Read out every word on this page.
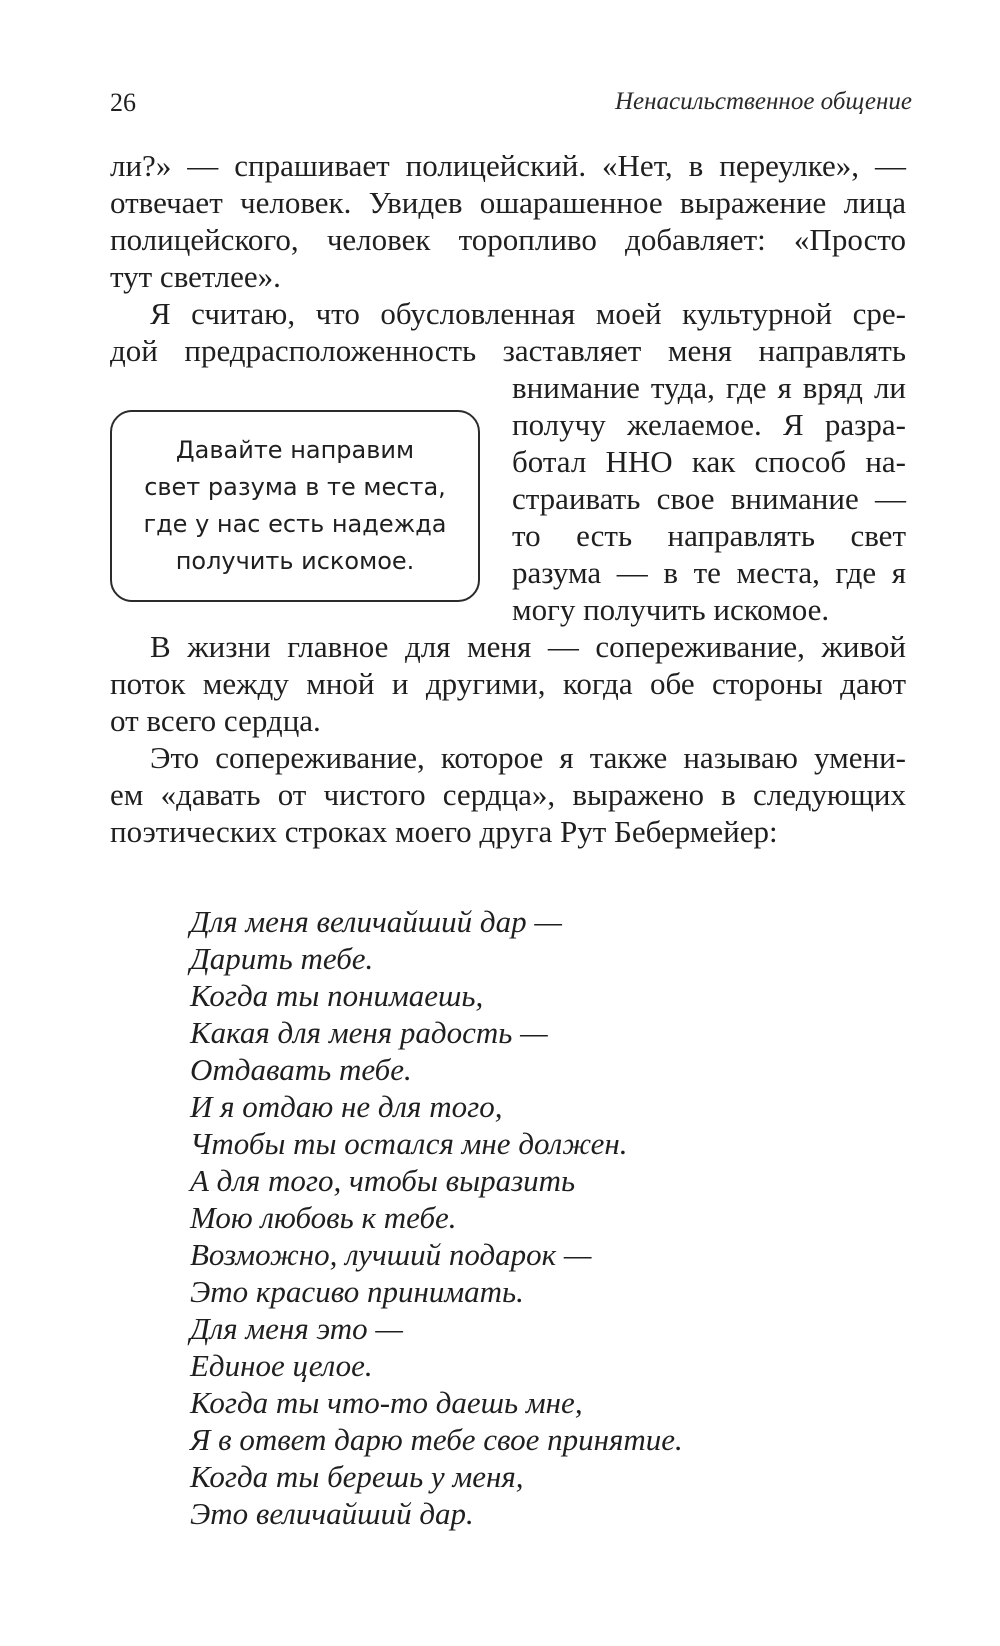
26	Ненасильственное общение
ли?» — спрашивает полицейский. «Нет, в переулке», —
отвечает человек. Увидев ошарашенное выражение лица
полицейского, человек торопливо добавляет: «Просто
тут светлее».
Я считаю, что обусловленная моей культурной сре-
дой предрасположенность заставляет меня направлять
внимание туда, где я вряд ли
получу желаемое. Я разра-
ботал ННО как способ на-
страивать свое внимание —
то есть направлять свет
разума — в те места, где я
могу получить искомое.
Давайте направим
свет разума в те места,
где у нас есть надежда
получить искомое.
В жизни главное для меня — сопереживание, живой
поток между мной и другими, когда обе стороны дают
от всего сердца.
Это сопереживание, которое я также называю умени-
ем «давать от чистого сердца», выражено в следующих
поэтических строках моего друга Рут Бебермейер:
Для меня величайший дар —
Дарить тебе.
Когда ты понимаешь,
Какая для меня радость —
Отдавать тебе.
И я отдаю не для того,
Чтобы ты остался мне должен.
А для того, чтобы выразить
Мою любовь к тебе.
Возможно, лучший подарок —
Это красиво принимать.
Для меня это —
Единое целое.
Когда ты что-то даешь мне,
Я в ответ дарю тебе свое принятие.
Когда ты берешь у меня,
Это величайший дар.
